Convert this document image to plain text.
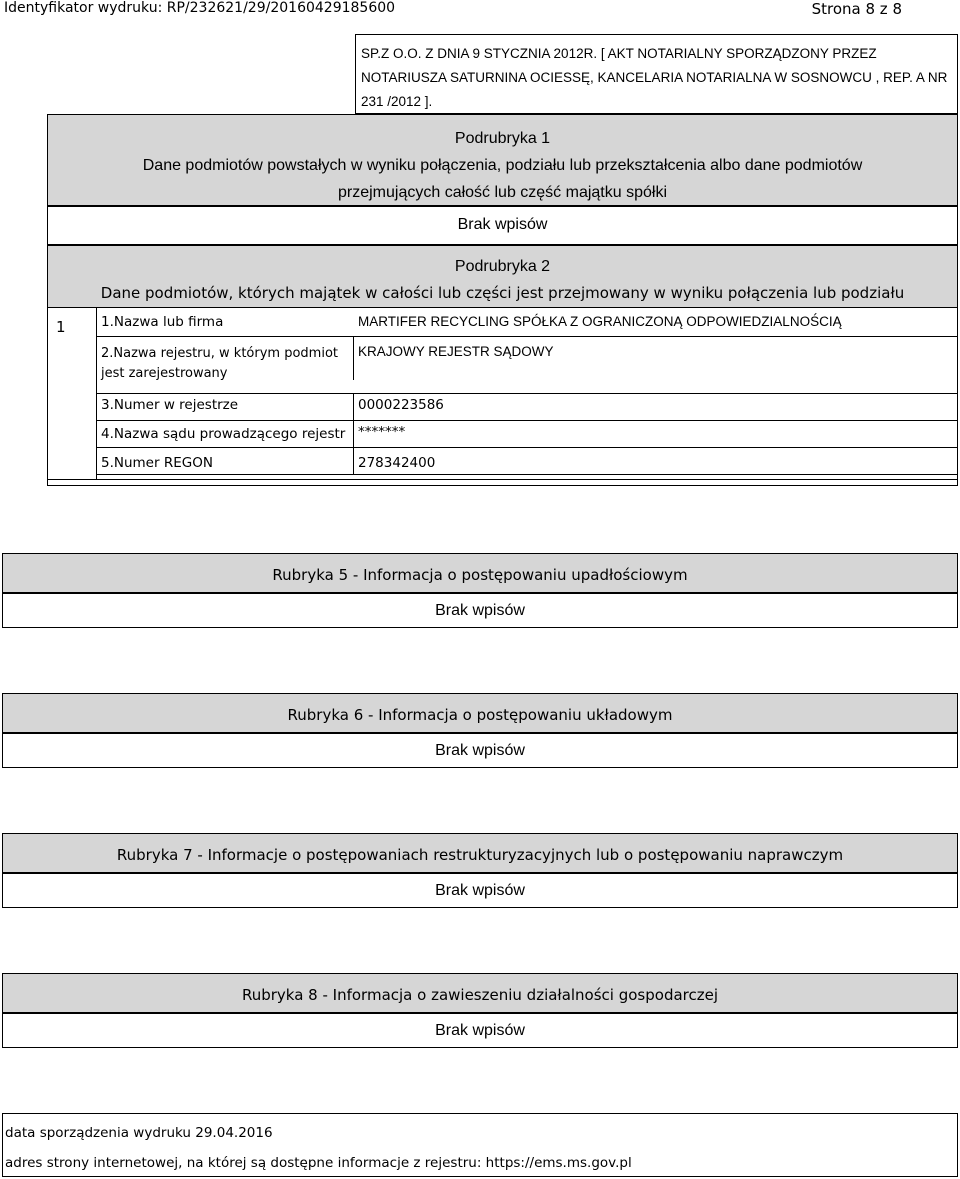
Identyfikator wydruku: RP/232621/29/20160429185600	Strona 8 z 8
SP.Z O.O. Z DNIA 9 STYCZNIA 2012R. [ AKT NOTARIALNY SPORZĄDZONY PRZEZ
NOTARIUSZA SATURNINA OCIESSĘ, KANCELARIA NOTARIALNA W SOSNOWCU , REP. A NR
231 /2012 ].
Podrubryka 1
Dane podmiotów powstałych w wyniku połączenia, podziału lub przekształcenia albo dane podmiotów
przejmujących całość lub część majątku spółki
Brak wpisów
Podrubryka 2
Dane podmiotów, których majątek w całości lub części jest przejmowany w wyniku połączenia lub podziału
1	1.Nazwa lub firma	MARTIFER RECYCLING SPÓŁKA Z OGRANICZONĄ ODPOWIEDZIALNOŚCIĄ
2.Nazwa rejestru, w którym podmiot
jest zarejestrowany
KRAJOWY REJESTR SĄDOWY
3.Numer w rejestrze	0000223586
4.Nazwa sądu prowadzącego rejestr *******
5.Numer REGON	278342400
Rubryka 5 - Informacja o postępowaniu upadłościowym
Brak wpisów
Rubryka 6 - Informacja o postępowaniu układowym
Brak wpisów
Rubryka 7 - Informacje o postępowaniach restrukturyzacyjnych lub o postępowaniu naprawczym
Brak wpisów
Rubryka 8 - Informacja o zawieszeniu działalności gospodarczej
Brak wpisów
data sporządzenia wydruku 29.04.2016
adres strony internetowej, na której są dostępne informacje z rejestru: https://ems.ms.gov.pl
